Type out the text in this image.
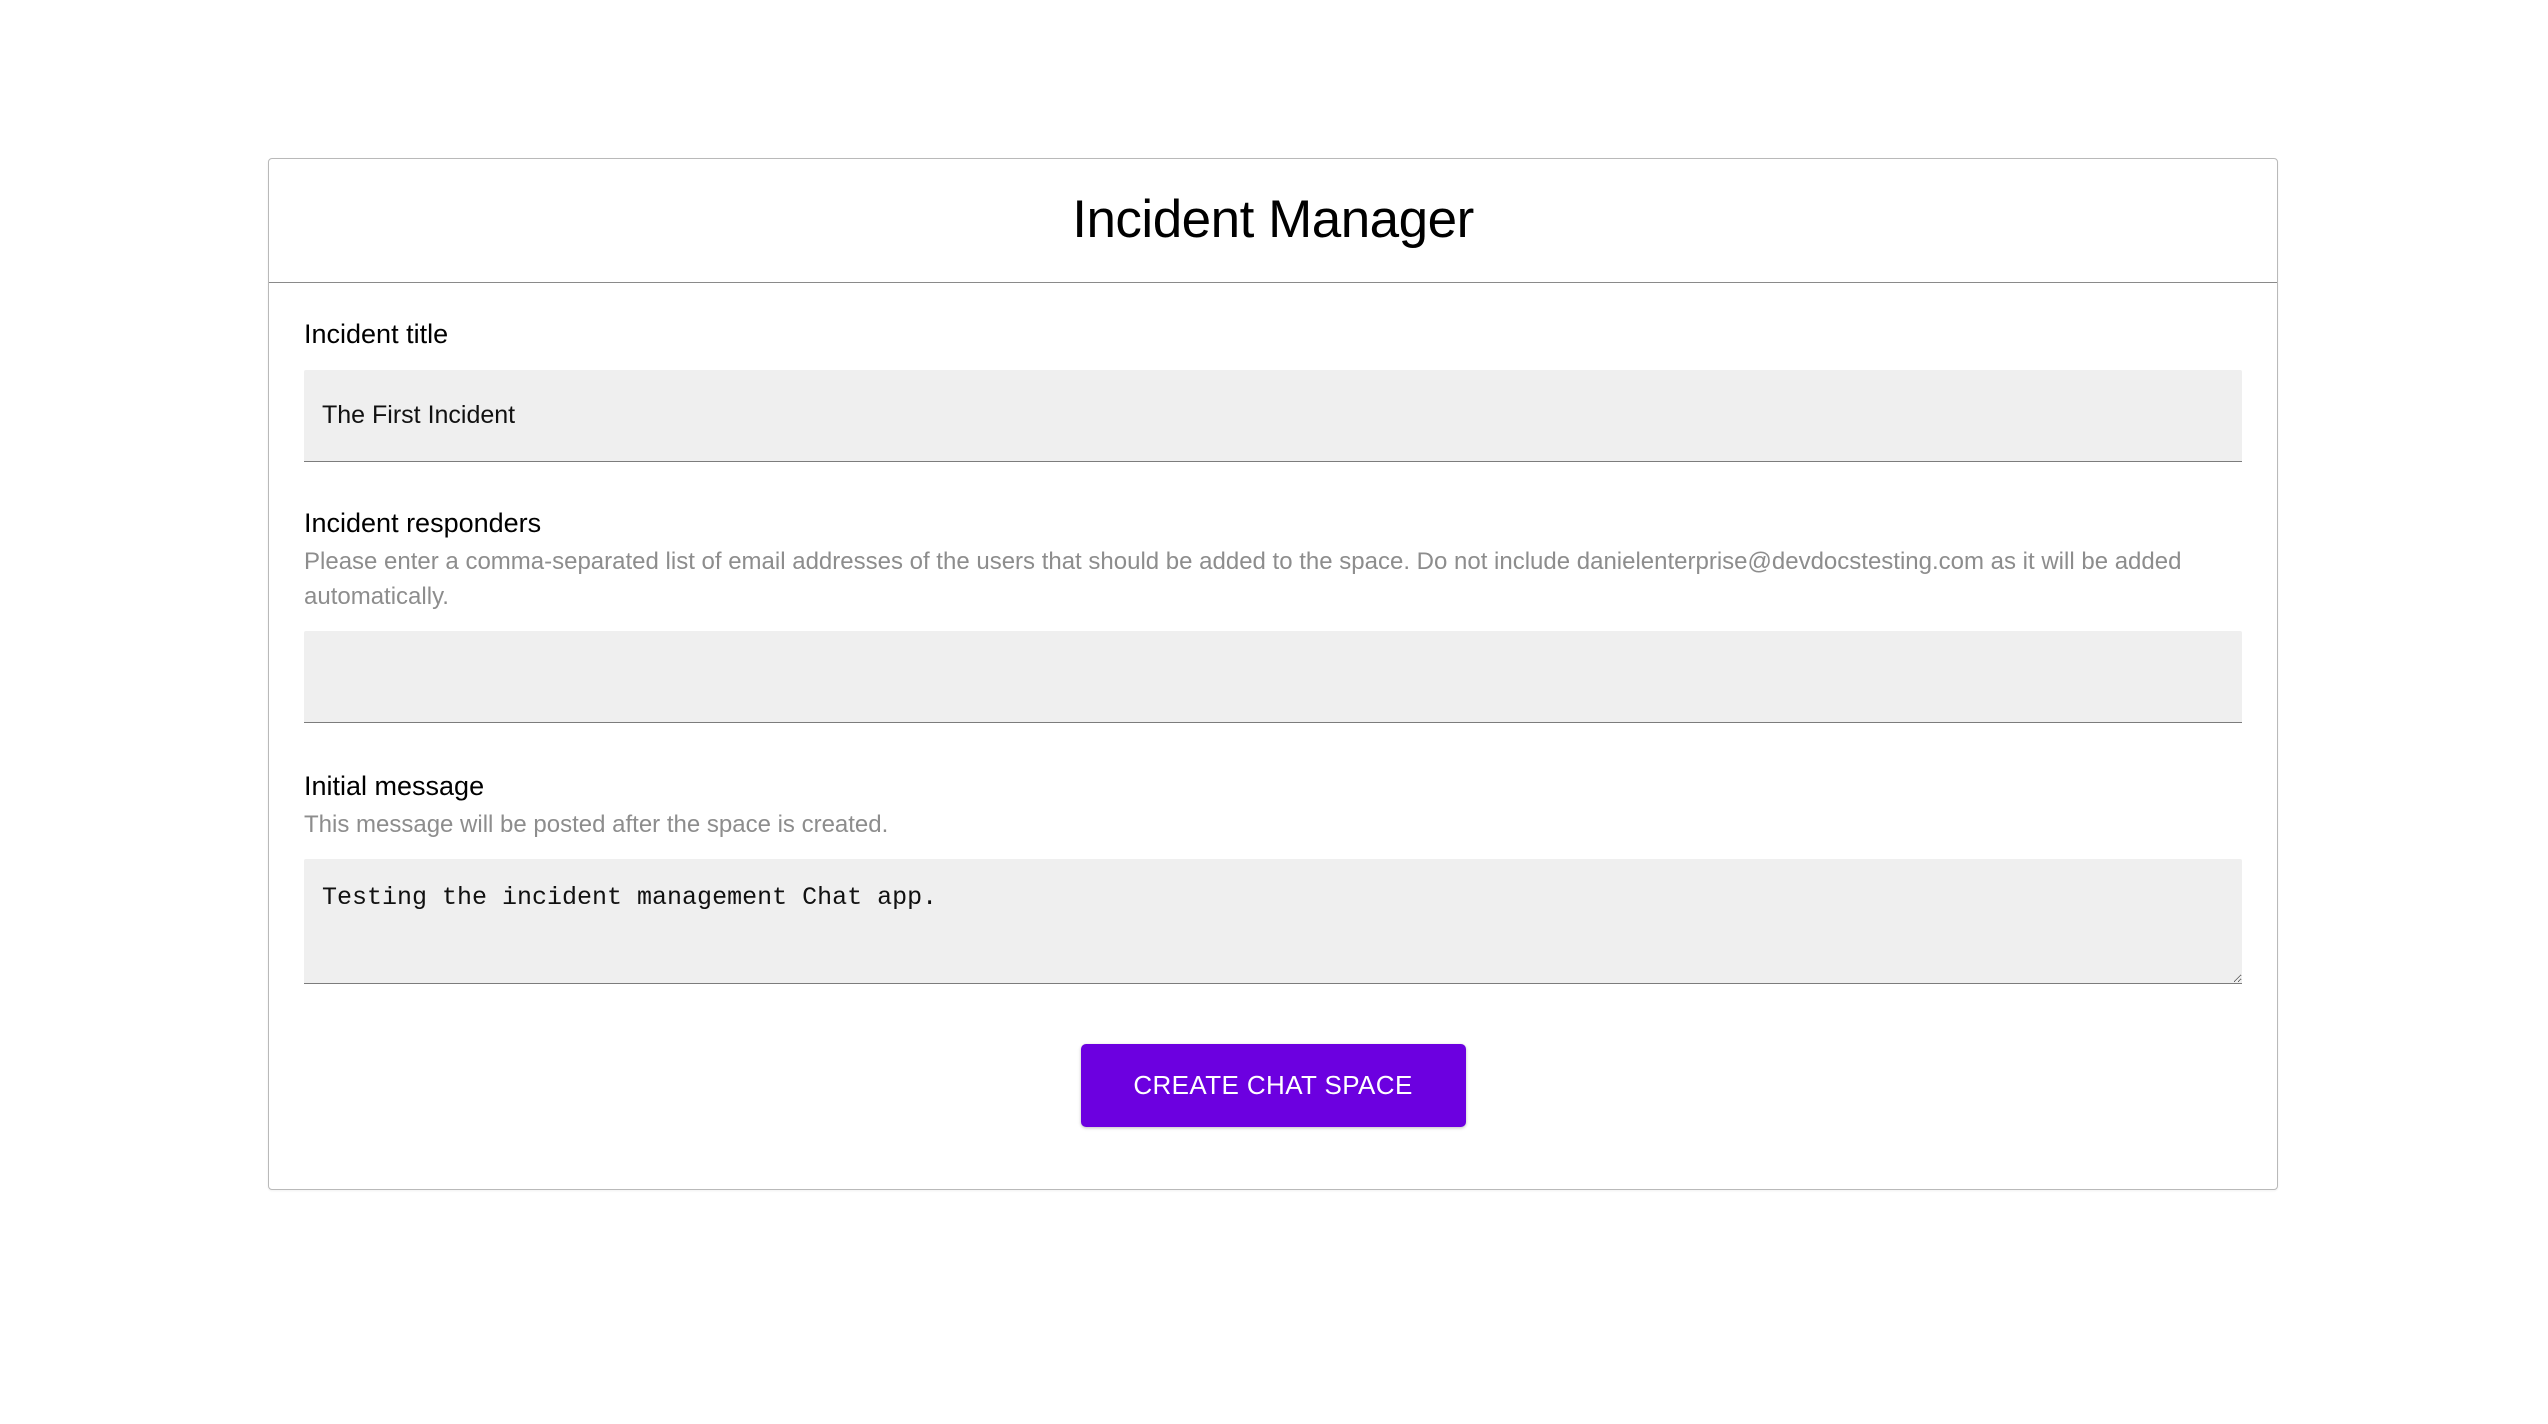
Incident Manager
Incident title
The First Incident
Incident responders
Please enter a comma-separated list of email addresses of the users that should be added to the space. Do not include danielenterprise@devdocstesting.com as it will be added automatically.
Initial message
This message will be posted after the space is created.
Testing the incident management Chat app.
CREATE CHAT SPACE
